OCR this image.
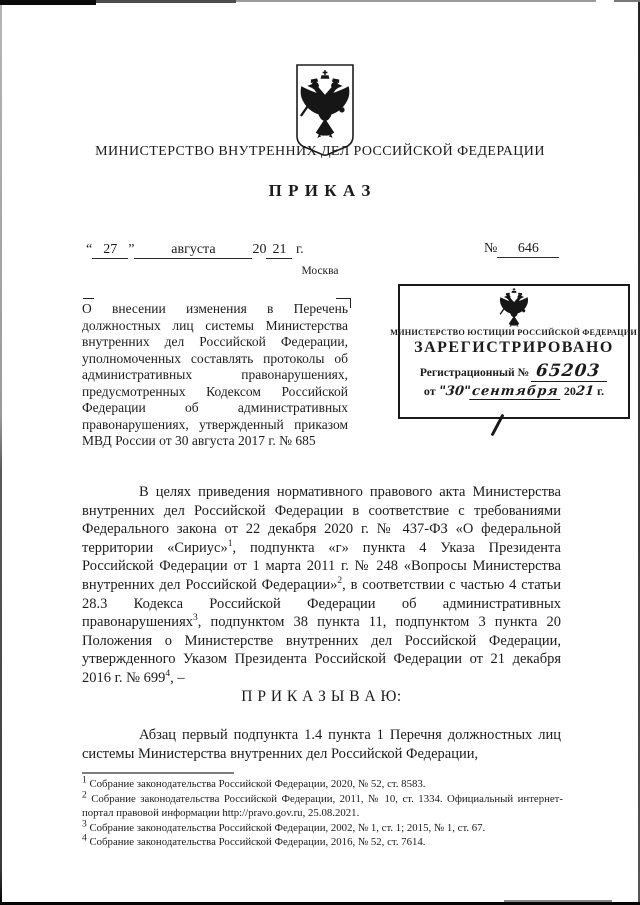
МИНИСТЕРСТВО ВНУТРЕННИХ ДЕЛ РОССИЙСКОЙ ФЕДЕРАЦИИ
П Р И К А З
“ 27 ”	августа	20 21 г.	№ 646
Москва
О внесении изменения в Перечень должностных лиц системы Министерства внутренних дел Российской Федерации, уполномоченных составлять протоколы об административных правонарушениях, предусмотренных Кодексом Российской Федерации об административных правонарушениях, утвержденный приказом МВД России от 30 августа 2017 г. № 685
МИНИСТЕРСТВО ЮСТИЦИИ РОССИЙСКОЙ ФЕДЕРАЦИИ
ЗАРЕГИСТРИРОВАНО
Регистрационный № 65203
от "30"сентября 2021 г.
В целях приведения нормативного правового акта Министерства внутренних дел Российской Федерации в соответствие с требованиями Федерального закона от 22 декабря 2020 г. № 437-ФЗ «О федеральной территории «Сириус»$^1$, подпункта «г» пункта 4 Указа Президента Российской Федерации от 1 марта 2011 г. № 248 «Вопросы Министерства внутренних дел Российской Федерации»$^2$, в соответствии с частью 4 статьи 28.3 Кодекса Российской Федерации об административных правонарушениях$^3$, подпунктом 38 пункта 11, подпунктом 3 пункта 20 Положения о Министерстве внутренних дел Российской Федерации, утвержденного Указом Президента Российской Федерации от 21 декабря 2016 г. № $699^4$, –
П Р И К А З Ы В А Ю:
Абзац первый подпункта 1.4 пункта 1 Перечня должностных лиц системы Министерства внутренних дел Российской Федерации,

$^1$ Собрание законодательства Российской Федерации, 2020, № 52, ст. 8583.

$^2$ Собрание законодательства Российской Федерации, 2011, № 10, ст. 1334. Официальный интернет-портал правовой информации http://pravo.gov.ru, 25.08.2021.

$^3$ Собрание законодательства Российской Федерации, 2002, № 1, ст. 1; 2015, № 1, ст. 67.

$^4$ Собрание законодательства Российской Федерации, 2016, № 52, ст. 7614.
